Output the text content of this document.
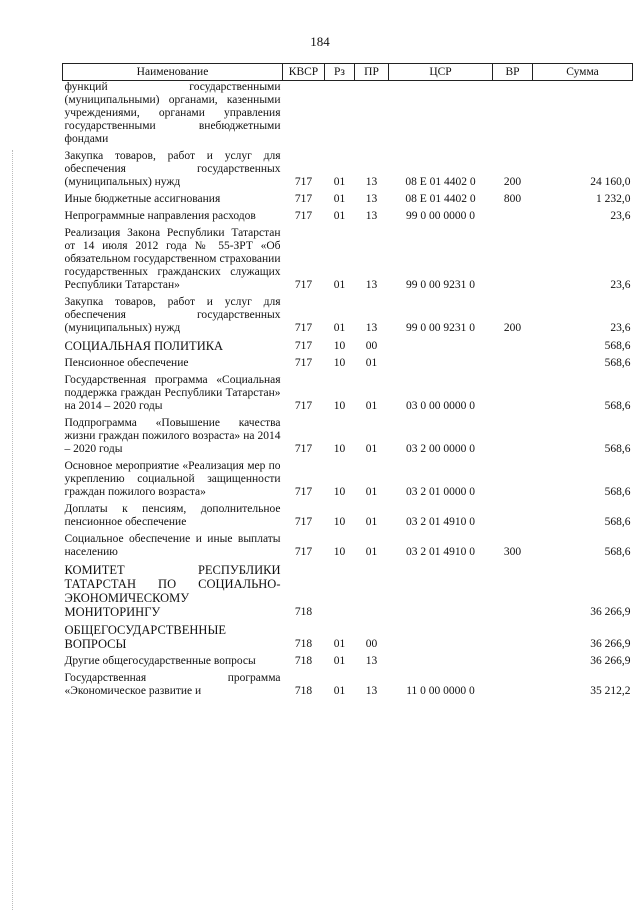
184
Наименование	КВСР	Рз	ПР	ЦСР	ВР	Сумма
функций государственными (муниципальными) органами, казенными учреждениями, органами управления государственными внебюджетными фондами						
Закупка товаров, работ и услуг для обеспечения государственных (муниципальных) нужд	717	01	13	08 Е 01 4402 0	200	24 160,0
Иные бюджетные ассигнования	717	01	13	08 Е 01 4402 0	800	1 232,0
Непрограммные направления расходов	717	01	13	99 0 00 0000 0		23,6
Реализация Закона Республики Татарстан от 14 июля 2012 года № 55-ЗРТ «Об обязательном государственном страховании государственных гражданских служащих Республики Татарстан»	717	01	13	99 0 00 9231 0		23,6
Закупка товаров, работ и услуг для обеспечения государственных (муниципальных) нужд	717	01	13	99 0 00 9231 0	200	23,6
СОЦИАЛЬНАЯ ПОЛИТИКА	717	10	00			568,6
Пенсионное обеспечение	717	10	01			568,6
Государственная программа «Социальная поддержка граждан Республики Татарстан» на 2014 – 2020 годы	717	10	01	03 0 00 0000 0		568,6
Подпрограмма «Повышение качества жизни граждан пожилого возраста» на 2014 – 2020 годы	717	10	01	03 2 00 0000 0		568,6
Основное мероприятие «Реализация мер по укреплению социальной защищенности граждан пожилого возраста»	717	10	01	03 2 01 0000 0		568,6
Доплаты к пенсиям, дополнительное пенсионное обеспечение	717	10	01	03 2 01 4910 0		568,6
Социальное обеспечение и иные выплаты населению	717	10	01	03 2 01 4910 0	300	568,6
КОМИТЕТ РЕСПУБЛИКИ ТАТАРСТАН ПО СОЦИАЛЬНО-ЭКОНОМИЧЕСКОМУ МОНИТОРИНГУ	718					36 266,9
ОБЩЕГОСУДАРСТВЕННЫЕ ВОПРОСЫ	718	01	00			36 266,9
Другие общегосударственные вопросы	718	01	13			36 266,9
Государственная программа «Экономическое развитие и	718	01	13	11 0 00 0000 0		35 212,2
